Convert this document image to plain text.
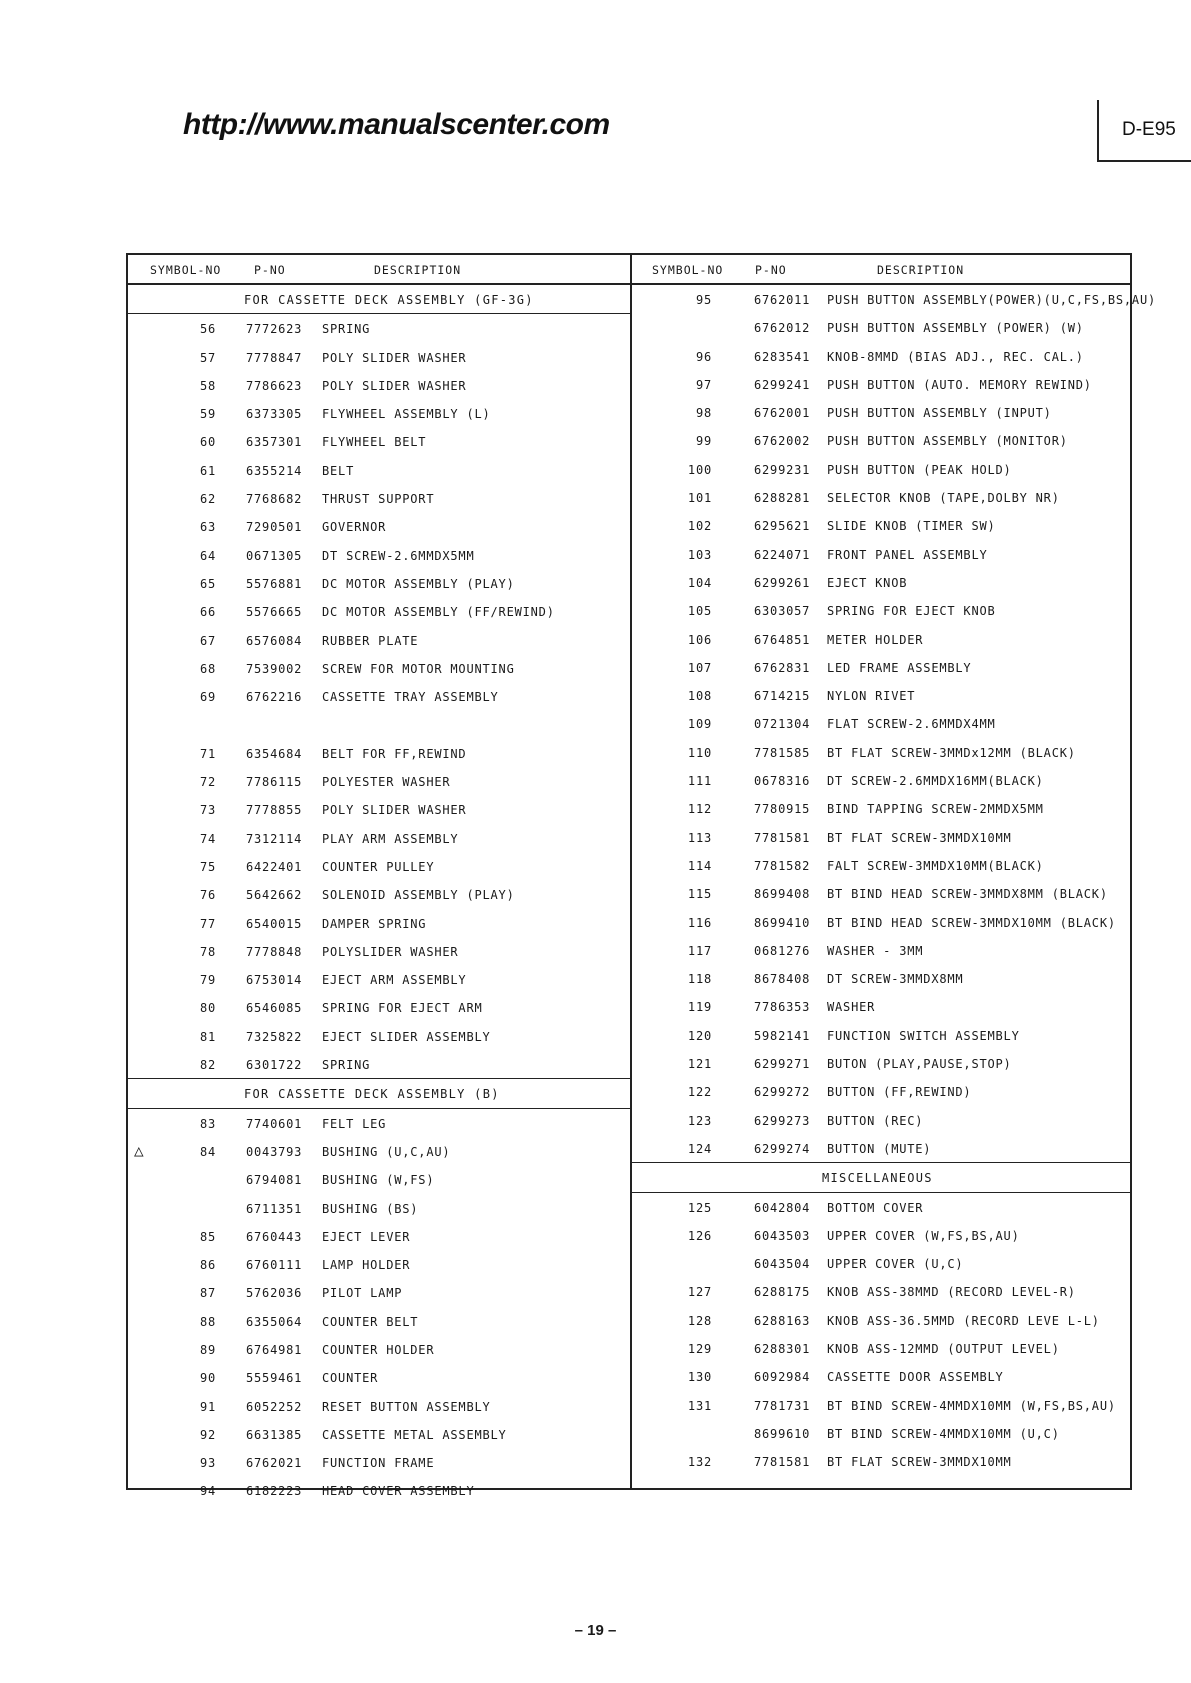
http://www.manualscenter.com	D-E95
SYMBOL-NO	P-NO	DESCRIPTION
FOR CASSETTE DECK ASSEMBLY (GF-3G)
56	7772623 SPRING
57	7778847 POLY SLIDER WASHER
58	7786623 POLY SLIDER WASHER
59	6373305 FLYWHEEL ASSEMBLY (L)
60	6357301 FLYWHEEL BELT
61	6355214 BELT
62	7768682 THRUST SUPPORT
63	7290501 GOVERNOR
64	0671305 DT SCREW-2.6MMDX5MM
65	5576881 DC MOTOR ASSEMBLY (PLAY)
66	5576665 DC MOTOR ASSEMBLY (FF/REWIND)
67	6576084 RUBBER PLATE
68	7539002 SCREW FOR MOTOR MOUNTING
69	6762216 CASSETTE TRAY ASSEMBLY
71	6354684 BELT FOR FF,REWIND
72	7786115 POLYESTER WASHER
73	7778855 POLY SLIDER WASHER
74	7312114 PLAY ARM ASSEMBLY
75	6422401 COUNTER PULLEY
76	5642662 SOLENOID ASSEMBLY (PLAY)
77	6540015 DAMPER SPRING
78	7778848 POLYSLIDER WASHER
79	6753014 EJECT ARM ASSEMBLY
80	6546085 SPRING FOR EJECT ARM
81	7325822 EJECT SLIDER ASSEMBLY
82	6301722 SPRING
FOR CASSETTE DECK ASSEMBLY (B)
83	7740601 FELT LEG
△	84	0043793 BUSHING (U,C,AU)
6794081 BUSHING (W,FS)
6711351 BUSHING (BS)
85	6760443 EJECT LEVER
86	6760111 LAMP HOLDER
87	5762036 PILOT LAMP
88	6355064 COUNTER BELT
89	6764981 COUNTER HOLDER
90	5559461 COUNTER
91	6052252 RESET BUTTON ASSEMBLY
92	6631385 CASSETTE METAL ASSEMBLY
93	6762021 FUNCTION FRAME
94	6182223 HEAD COVER ASSEMBLY
SYMBOL-NO	P-NO	DESCRIPTION
95	6762011 PUSH BUTTON ASSEMBLY(POWER)(U,C,FS,BS,AU)
6762012 PUSH BUTTON ASSEMBLY (POWER) (W)
96	6283541 KNOB-8MMD (BIAS ADJ., REC. CAL.)
97	6299241 PUSH BUTTON (AUTO. MEMORY REWIND)
98	6762001 PUSH BUTTON ASSEMBLY (INPUT)
99	6762002 PUSH BUTTON ASSEMBLY (MONITOR)
100	6299231 PUSH BUTTON (PEAK HOLD)
101	6288281 SELECTOR KNOB (TAPE,DOLBY NR)
102	6295621 SLIDE KNOB (TIMER SW)
103	6224071 FRONT PANEL ASSEMBLY
104	6299261 EJECT KNOB
105	6303057 SPRING FOR EJECT KNOB
106	6764851 METER HOLDER
107	6762831 LED FRAME ASSEMBLY
108	6714215 NYLON RIVET
109	0721304 FLAT SCREW-2.6MMDX4MM
110	7781585 BT FLAT SCREW-3MMDx12MM (BLACK)
111	0678316 DT SCREW-2.6MMDX16MM(BLACK)
112	7780915 BIND TAPPING SCREW-2MMDX5MM
113	7781581 BT FLAT SCREW-3MMDX10MM
114	7781582 FALT SCREW-3MMDX10MM(BLACK)
115	8699408 BT BIND HEAD SCREW-3MMDX8MM (BLACK)
116	8699410 BT BIND HEAD SCREW-3MMDX10MM (BLACK)
117	0681276 WASHER - 3MM
118	8678408 DT SCREW-3MMDX8MM
119	7786353 WASHER
120	5982141 FUNCTION SWITCH ASSEMBLY
121	6299271 BUTON (PLAY,PAUSE,STOP)
122	6299272 BUTTON (FF,REWIND)
123	6299273 BUTTON (REC)
124	6299274 BUTTON (MUTE)
MISCELLANEOUS
125	6042804 BOTTOM COVER
126	6043503 UPPER COVER (W,FS,BS,AU)
6043504 UPPER COVER (U,C)
127	6288175 KNOB ASS-38MMD (RECORD LEVEL-R)
128	6288163 KNOB ASS-36.5MMD (RECORD LEVE L-L)
129	6288301 KNOB ASS-12MMD (OUTPUT LEVEL)
130	6092984 CASSETTE DOOR ASSEMBLY
131	7781731 BT BIND SCREW-4MMDX10MM (W,FS,BS,AU)
8699610 BT BIND SCREW-4MMDX10MM (U,C)
132	7781581 BT FLAT SCREW-3MMDX10MM
– 19 –
